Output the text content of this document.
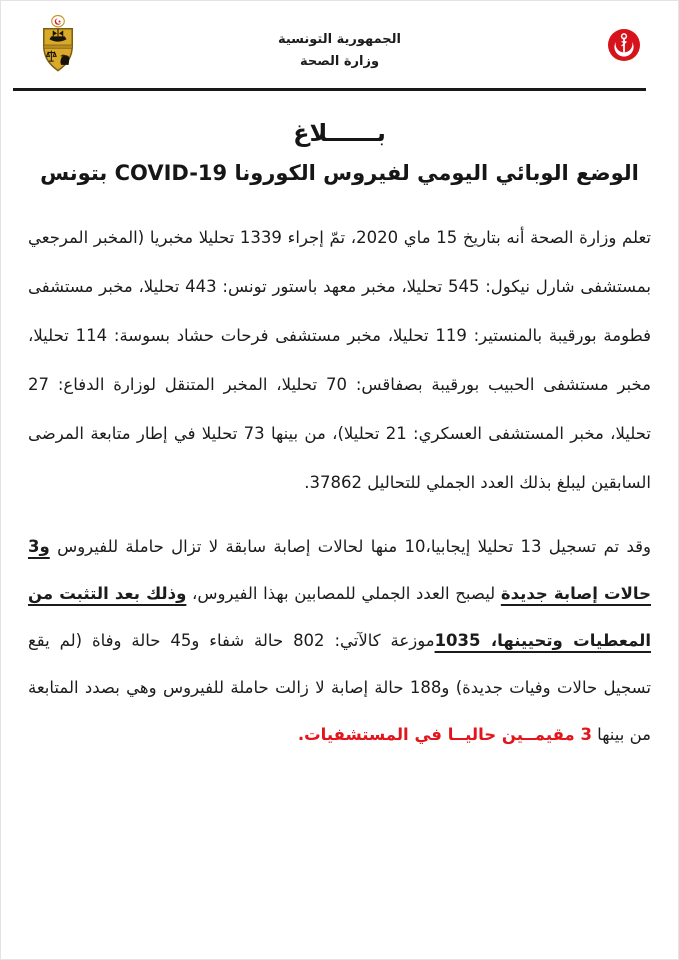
الجمهورية التونسية
وزارة الصحة
بــــــلاغ
الوضع الوبائي اليومي لفيروس الكورونا COVID-19 بتونس

تعلم وزارة الصحة أنه بتاريخ 15 ماي 2020، تمّ إجراء 1339 تحليلا مخبريا (المخبر المرجعي بمستشفى شارل نيكول: 545 تحليلا، مخبر معهد باستور تونس: 443 تحليلا، مخبر مستشفى فطومة بورقيبة بالمنستير: 119 تحليلا، مخبر مستشفى فرحات حشاد بسوسة: 114 تحليلا، مخبر مستشفى الحبيب بورقيبة بصفاقس: 70 تحليلا، المخبر المتنقل لوزارة الدفاع: 27 تحليلا، مخبر المستشفى العسكري: 21 تحليلا)، من بينها 73 تحليلا في إطار متابعة المرضى السابقين ليبلغ بذلك العدد الجملي للتحاليل 37862.

وقد تم تسجيل 13 تحليلا إيجابيا،10 منها لحالات إصابة سابقة لا تزال حاملة للفيروس و3 حالات إصابة جديدة ليصبح العدد الجملي للمصابين بهذا الفيروس، وذلك بعد التثبت من المعطيات وتحيينها، 1035موزعة كالآتي: 802 حالة شفاء و45 حالة وفاة (لم يقع تسجيل حالات وفيات جديدة) و188 حالة إصابة لا زالت حاملة للفيروس وهي بصدد المتابعة من بينها 3 مقيمــين حاليــا في المستشفيات.
